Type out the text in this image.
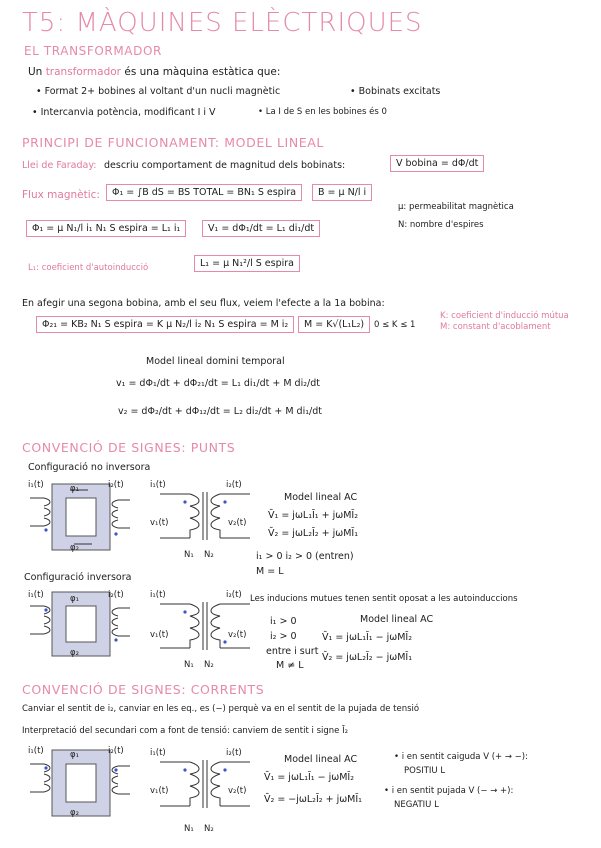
T5: MÀQUINES ELÈCTRIQUES
EL TRANSFORMADOR
Un transformador és una màquina estàtica que:
• Format 2+ bobines al voltant d'un nucli magnètic	• Bobinats excitats
• Intercanvia potència, modificant I i V	• La I de S en les bobines és 0
PRINCIPI DE FUNCIONAMENT: MODEL LINEAL
Llei de Faraday: descriu comportament de magnitud dels bobinats:	V bobina = dΦ/dt
Flux magnètic:	Φ₁ = ∫B dS = BS TOTAL = BN₁ S espira	B = μ N/l i
μ: permeabilitat magnètica
N: nombre d'espires
Φ₁ = μ N₁/l i₁ N₁ S espira = L₁ i₁	V₁ = dΦ₁/dt = L₁ di₁/dt
L₁: coeficient d'autoinducció	L₁ = μ N₁²/l S espira
En afegir una segona bobina, amb el seu flux, veiem l'efecte a la 1a bobina:
Φ₂₁ = KB₂ N₁ S espira = K μ N₂/l i₂ N₁ S espira = M i₂	M = K√(L₁L₂)	0 ≤ K ≤ 1
K: coeficient d'inducció mútua
M: constant d'acoblament
Model lineal domini temporal
v₁ = dΦ₁/dt + dΦ₂₁/dt = L₁ di₁/dt + M di₂/dt
v₂ = dΦ₂/dt + dΦ₁₂/dt = L₂ di₂/dt + M di₁/dt
CONVENCIÓ DE SIGNES: PUNTS
Configuració no inversora
i₁(t)	i₂(t)
φ₁
φ₂
i₁(t)	i₂(t)
v₁(t)	v₂(t)
N₁ N₂
Model lineal AC
V̄₁ = jωL₁Ī₁ + jωMĪ₂
V̄₂ = jωL₂Ī₂ + jωMĪ₁
i₁ > 0 i₂ > 0 (entren)
M = L
Configuració inversora
i₁(t)	i₂(t)
φ₁
φ₂
i₁(t)	i₂(t)
v₁(t)	v₂(t)
N₁ N₂
Les inducions mutues tenen sentit oposat a les autoinduccions
i₁ > 0
i₂ > 0
entre i surt
M ≠ L
Model lineal AC
V̄₁ = jωL₁Ī₁ − jωMĪ₂
V̄₂ = jωL₂Ī₂ − jωMĪ₁
CONVENCIÓ DE SIGNES: CORRENTS
Canviar el sentit de i₂, canviar en les eq., es (−) perquè va en el sentit de la pujada de tensió
Interpretació del secundari com a font de tensió: canviem de sentit i signe Ī₂
i₁(t)	i₂(t)
φ₁
φ₂
i₁(t)	i₂(t)
v₁(t)	v₂(t)
N₁ N₂
Model lineal AC
V̄₁ = jωL₁Ī₁ − jωMĪ₂
V̄₂ = −jωL₂Ī₂ + jωMĪ₁
• i en sentit caiguda V (+ → −):
POSITIU L
• i en sentit pujada V (− → +):
NEGATIU L
